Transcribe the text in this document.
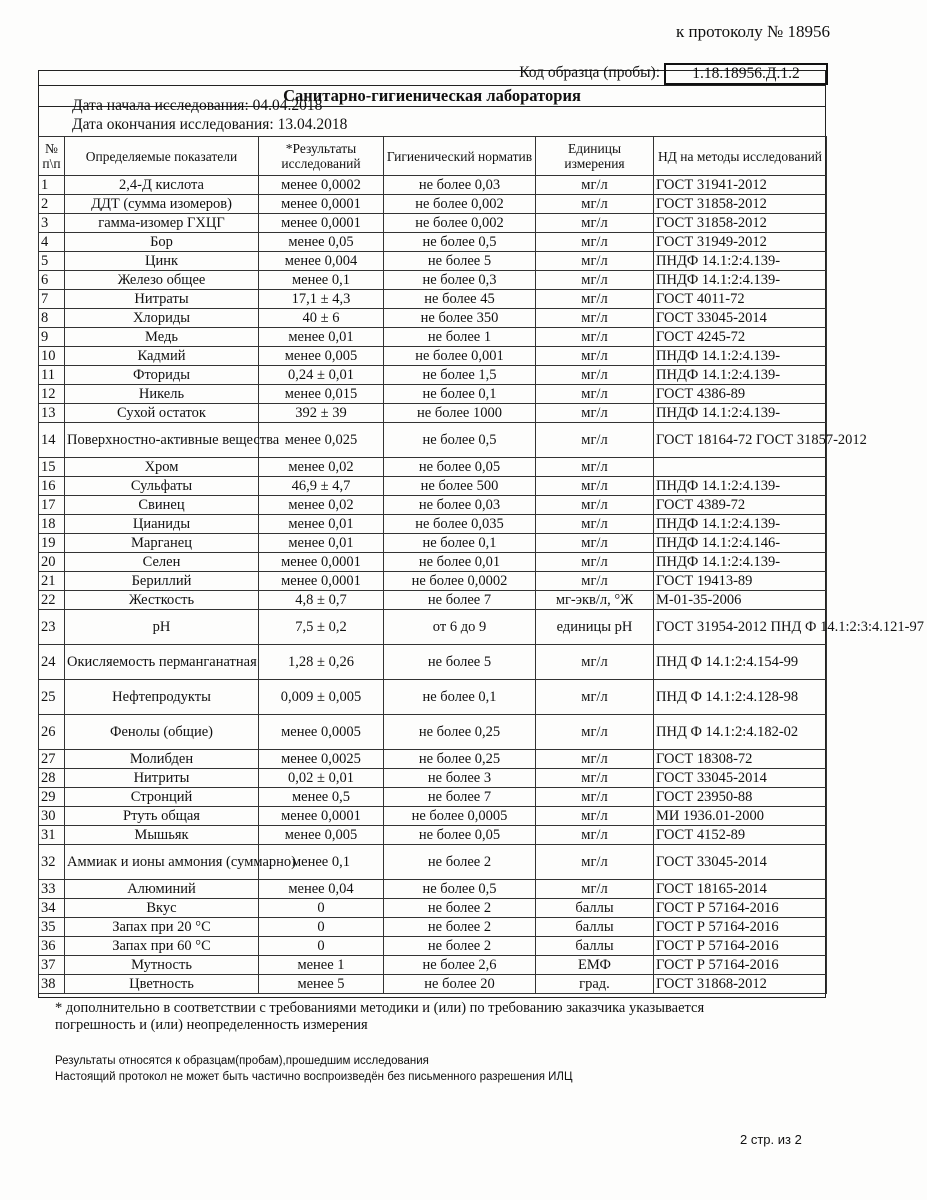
к протоколу № 18956
Код образца (пробы):	1.18.18956.Д.1.2
Санитарно-гигиеническая лаборатория
Дата начала исследования: 04.04.2018
Дата окончания исследования: 13.04.2018
№ п\п	Определяемые показатели	*Результаты исследований	Гигиенический норматив	Единицы измерения	НД на методы исследований
1	2,4-Д кислота	менее 0,0002	не более 0,03	мг/л	ГОСТ 31941-2012
2	ДДТ (сумма изомеров)	менее 0,0001	не более 0,002	мг/л	ГОСТ 31858-2012
3	гамма-изомер ГХЦГ	менее 0,0001	не более 0,002	мг/л	ГОСТ 31858-2012
4	Бор	менее 0,05	не более 0,5	мг/л	ГОСТ 31949-2012
5	Цинк	менее 0,004	не более 5	мг/л	ПНДФ 14.1:2:4.139-
6	Железо общее	менее 0,1	не более 0,3	мг/л	ПНДФ 14.1:2:4.139-
7	Нитраты	17,1 ± 4,3	не более 45	мг/л	ГОСТ 4011-72
8	Хлориды	40 ± 6	не более 350	мг/л	ГОСТ 33045-2014
9	Медь	менее 0,01	не более 1	мг/л	ГОСТ 4245-72
10	Кадмий	менее 0,005	не более 0,001	мг/л	ПНДФ 14.1:2:4.139-
11	Фториды	0,24 ± 0,01	не более 1,5	мг/л	ПНДФ 14.1:2:4.139-
12	Никель	менее 0,015	не более 0,1	мг/л	ГОСТ 4386-89
13	Сухой остаток	392 ± 39	не более 1000	мг/л	ПНДФ 14.1:2:4.139-
14	Поверхностно-активные вещества	менее 0,025	не более 0,5	мг/л	ГОСТ 18164-72 ГОСТ 31857-2012
15	Хром	менее 0,02	не более 0,05	мг/л	
16	Сульфаты	46,9 ± 4,7	не более 500	мг/л	ПНДФ 14.1:2:4.139-
17	Свинец	менее 0,02	не более 0,03	мг/л	ГОСТ 4389-72
18	Цианиды	менее 0,01	не более 0,035	мг/л	ПНДФ 14.1:2:4.139-
19	Марганец	менее 0,01	не более 0,1	мг/л	ПНДФ 14.1:2:4.146-
20	Селен	менее 0,0001	не более 0,01	мг/л	ПНДФ 14.1:2:4.139-
21	Бериллий	менее 0,0001	не более 0,0002	мг/л	ГОСТ 19413-89
22	Жесткость	4,8 ± 0,7	не более 7	мг-экв/л, °Ж	М-01-35-2006
23	pH	7,5 ± 0,2	от 6 до 9	единицы pH	ГОСТ 31954-2012 ПНД Ф 14.1:2:3:4.121-97
24	Окисляемость перманганатная	1,28 ± 0,26	не более 5	мг/л	ПНД Ф 14.1:2:4.154-99
25	Нефтепродукты	0,009 ± 0,005	не более 0,1	мг/л	ПНД Ф 14.1:2:4.128-98
26	Фенолы (общие)	менее 0,0005	не более 0,25	мг/л	ПНД Ф 14.1:2:4.182-02
27	Молибден	менее 0,0025	не более 0,25	мг/л	ГОСТ 18308-72
28	Нитриты	0,02 ± 0,01	не более 3	мг/л	ГОСТ 33045-2014
29	Стронций	менее 0,5	не более 7	мг/л	ГОСТ 23950-88
30	Ртуть общая	менее 0,0001	не более 0,0005	мг/л	МИ 1936.01-2000
31	Мышьяк	менее 0,005	не более 0,05	мг/л	ГОСТ 4152-89
32	Аммиак и ионы аммония (суммарно)	менее 0,1	не более 2	мг/л	ГОСТ 33045-2014
33	Алюминий	менее 0,04	не более 0,5	мг/л	ГОСТ 18165-2014
34	Вкус	0	не более 2	баллы	ГОСТ Р 57164-2016
35	Запах при 20 °С	0	не более 2	баллы	ГОСТ Р 57164-2016
36	Запах при 60 °С	0	не более 2	баллы	ГОСТ Р 57164-2016
37	Мутность	менее 1	не более 2,6	ЕМФ	ГОСТ Р 57164-2016
38	Цветность	менее 5	не более 20	град.	ГОСТ 31868-2012
* дополнительно в соответствии с требованиями методики и (или) по требованию заказчика указывается погрешность и (или) неопределенность измерения
Результаты относятся к образцам(пробам),прошедшим исследования
Настоящий протокол не может быть частично воспроизведён без письменного разрешения ИЛЦ
2 стр. из 2
